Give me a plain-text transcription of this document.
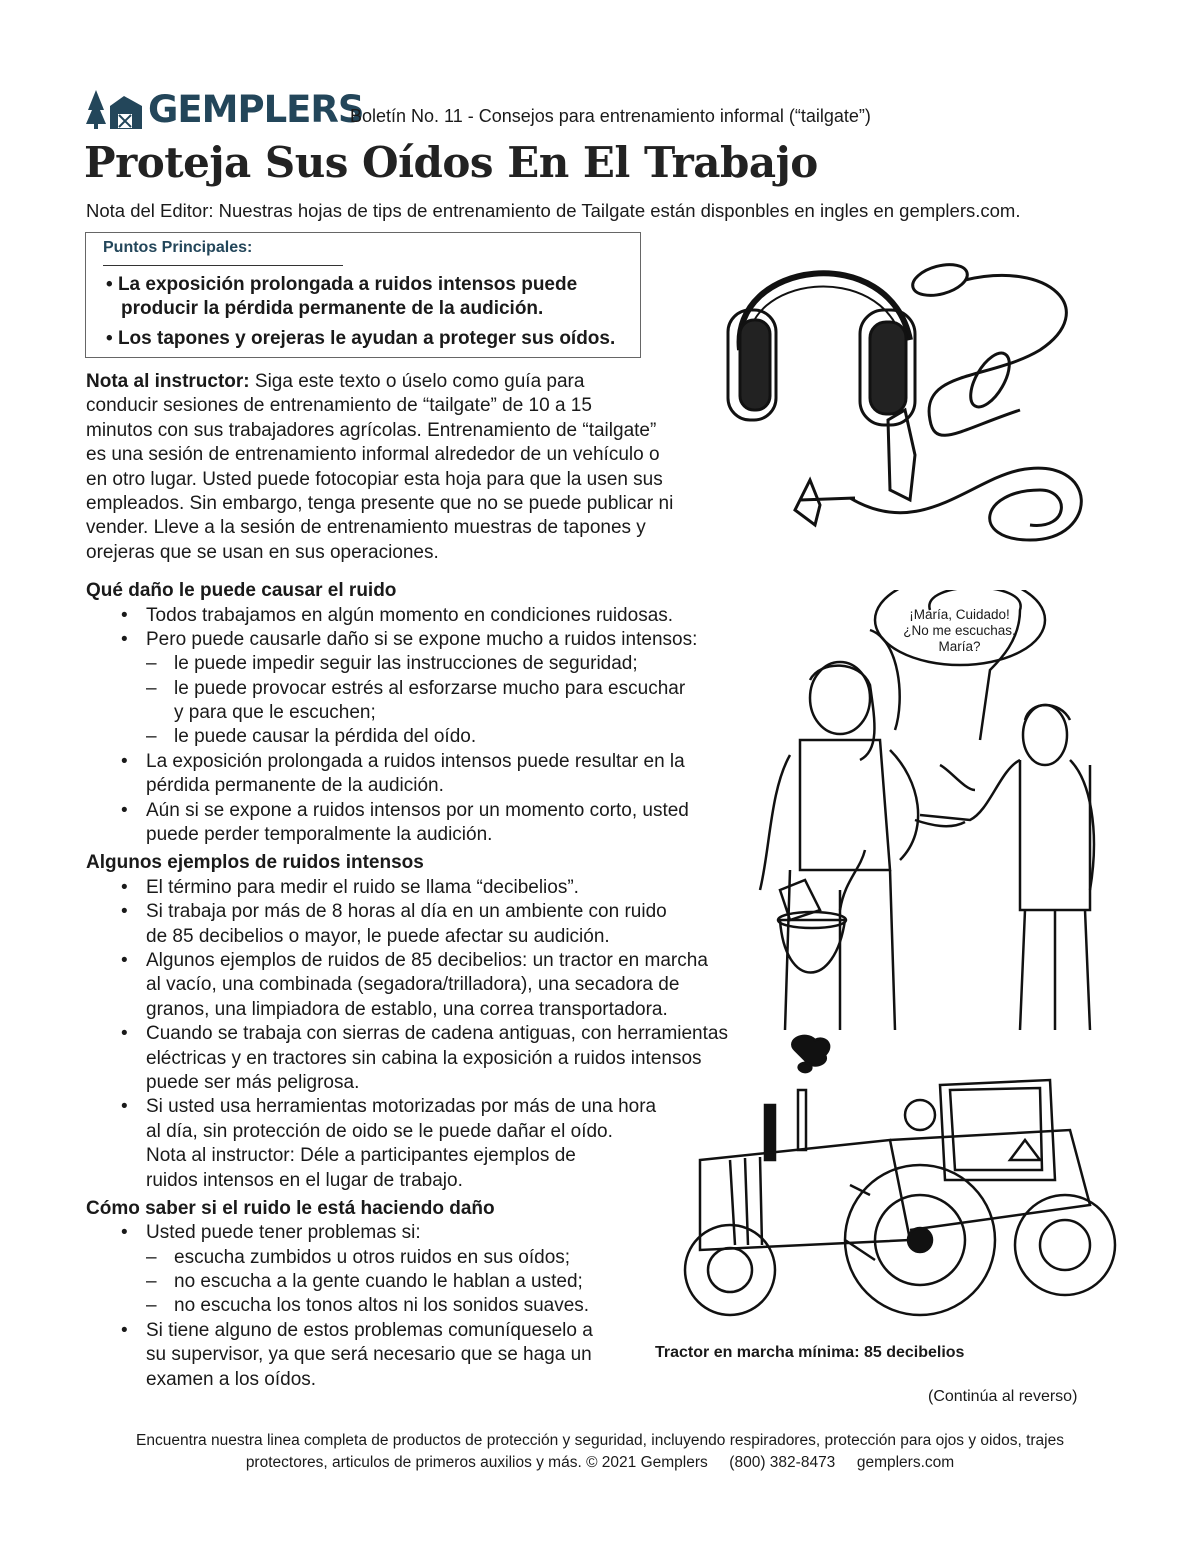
GEMPLERS
Boletín No. 11 - Consejos para entrenamiento informal (“tailgate”)
Proteja Sus Oídos En El Trabajo
Nota del Editor: Nuestras hojas de tips de entrenamiento de Tailgate están disponbles en ingles en gemplers.com.
Puntos Principales:
• La exposición prolongada a ruidos intensos puede
producir la pérdida permanente de la audición.
• Los tapones y orejeras le ayudan a proteger sus oídos.
Nota al instructor: Siga este texto o úselo como guía para
conducir sesiones de entrenamiento de “tailgate” de 10 a 15
minutos con sus trabajadores agrícolas. Entrenamiento de “tailgate”
es una sesión de entrenamiento informal alrededor de un vehículo o
en otro lugar. Usted puede fotocopiar esta hoja para que la usen sus
empleados. Sin embargo, tenga presente que no se puede publicar ni
vender. Lleve a la sesión de entrenamiento muestras de tapones y
orejeras que se usan en sus operaciones.
Qué daño le puede causar el ruido
• Todos trabajamos en algún momento en condiciones ruidosas.
• Pero puede causarle daño si se expone mucho a ruidos intensos:
– le puede impedir seguir las instrucciones de seguridad;
– le puede provocar estrés al esforzarse mucho para escuchar
y para que le escuchen;
– le puede causar la pérdida del oído.
• La exposición prolongada a ruidos intensos puede resultar en la
pérdida permanente de la audición.
• Aún si se expone a ruidos intensos por un momento corto, usted
puede perder temporalmente la audición.
Algunos ejemplos de ruidos intensos
• El término para medir el ruido se llama “decibelios”.
• Si trabaja por más de 8 horas al día en un ambiente con ruido
de 85 decibelios o mayor, le puede afectar su audición.
• Algunos ejemplos de ruidos de 85 decibelios: un tractor en marcha
al vacío, una combinada (segadora/trilladora), una secadora de
granos, una limpiadora de establo, una correa transportadora.
• Cuando se trabaja con sierras de cadena antiguas, con herramientas
eléctricas y en tractores sin cabina la exposición a ruidos intensos
puede ser más peligrosa.
• Si usted usa herramientas motorizadas por más de una hora
al día, sin protección de oido se le puede dañar el oído.
Nota al instructor: Déle a participantes ejemplos de
ruidos intensos en el lugar de trabajo.
Cómo saber si el ruido le está haciendo daño
• Usted puede tener problemas si:
– escucha zumbidos u otros ruidos en sus oídos;
– no escucha a la gente cuando le hablan a usted;
– no escucha los tonos altos ni los sonidos suaves.
• Si tiene alguno de estos problemas comuníqueselo a
su supervisor, ya que será necesario que se haga un
examen a los oídos.
¡María, Cuidado!
¿No me escuchas,
María?
Tractor en marcha mínima: 85 decibelios
(Continúa al reverso)
Encuentra nuestra linea completa de productos de protección y seguridad, incluyendo respiradores, protección para ojos y oidos, trajes
protectores, articulos de primeros auxilios y más. © 2021 Gemplers     (800) 382-8473     gemplers.com
